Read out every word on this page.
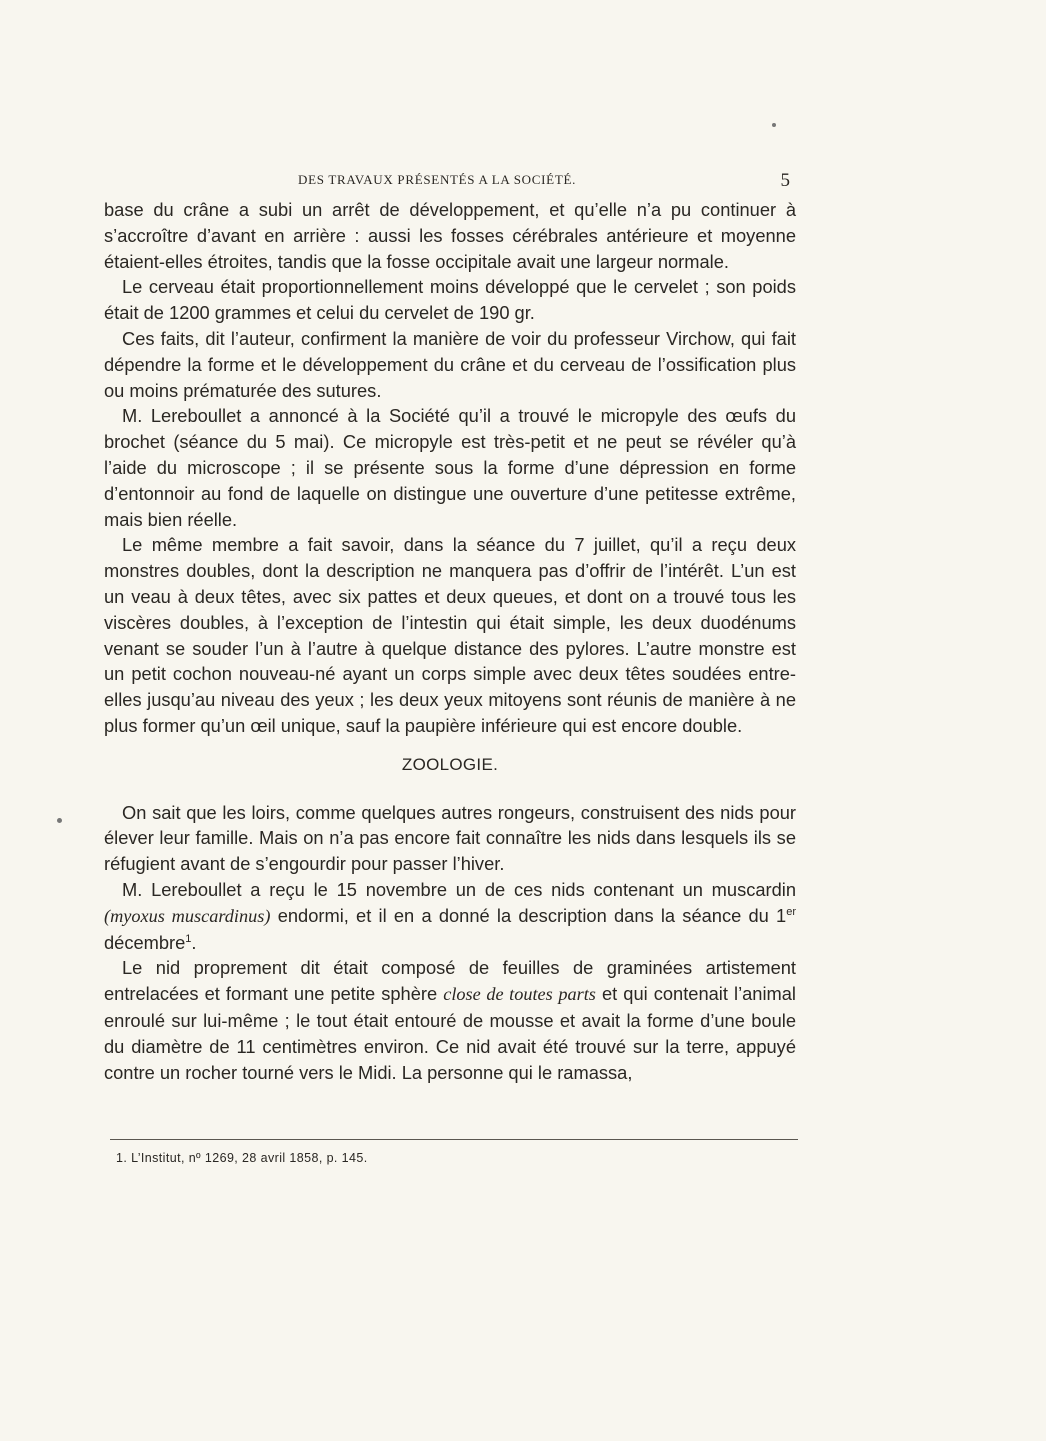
DES TRAVAUX PRÉSENTÉS A LA SOCIÉTÉ.	5

base du crâne a subi un arrêt de développement, et qu’elle n’a pu continuer à s’accroître d’avant en arrière : aussi les fosses cérébrales antérieure et moyenne étaient-elles étroites, tandis que la fosse occipitale avait une largeur normale.

Le cerveau était proportionnellement moins développé que le cervelet ; son poids était de 1200 grammes et celui du cervelet de 190 gr.

Ces faits, dit l’auteur, confirment la manière de voir du professeur Virchow, qui fait dépendre la forme et le développement du crâne et du cerveau de l’ossification plus ou moins prématurée des sutures.

M. Lereboullet a annoncé à la Société qu’il a trouvé le micropyle des œufs du brochet (séance du 5 mai). Ce micropyle est très-petit et ne peut se révéler qu’à l’aide du microscope ; il se présente sous la forme d’une dépression en forme d’entonnoir au fond de laquelle on distingue une ouverture d’une petitesse extrême, mais bien réelle.

Le même membre a fait savoir, dans la séance du 7 juillet, qu’il a reçu deux monstres doubles, dont la description ne manquera pas d’offrir de l’intérêt. L’un est un veau à deux têtes, avec six pattes et deux queues, et dont on a trouvé tous les viscères doubles, à l’exception de l’intestin qui était simple, les deux duodénums venant se souder l’un à l’autre à quelque distance des pylores. L’autre monstre est un petit cochon nouveau-né ayant un corps simple avec deux têtes soudées entre-elles jusqu’au niveau des yeux ; les deux yeux mitoyens sont réunis de manière à ne plus former qu’un œil unique, sauf la paupière inférieure qui est encore double.

ZOOLOGIE.

On sait que les loirs, comme quelques autres rongeurs, construisent des nids pour élever leur famille. Mais on n’a pas encore fait connaître les nids dans lesquels ils se réfugient avant de s’engourdir pour passer l’hiver.

M. Lereboullet a reçu le 15 novembre un de ces nids contenant un muscardin (myoxus muscardinus) endormi, et il en a donné la description dans la séance du 1er décembre$^1$.

Le nid proprement dit était composé de feuilles de graminées artistement entrelacées et formant une petite sphère close de toutes parts et qui contenait l’animal enroulé sur lui-même ; le tout était entouré de mousse et avait la forme d’une boule du diamètre de 11 centimètres environ. Ce nid avait été trouvé sur la terre, appuyé contre un rocher tourné vers le Midi. La personne qui le ramassa,

1. L’Institut, nº 1269, 28 avril 1858, p. 145.
